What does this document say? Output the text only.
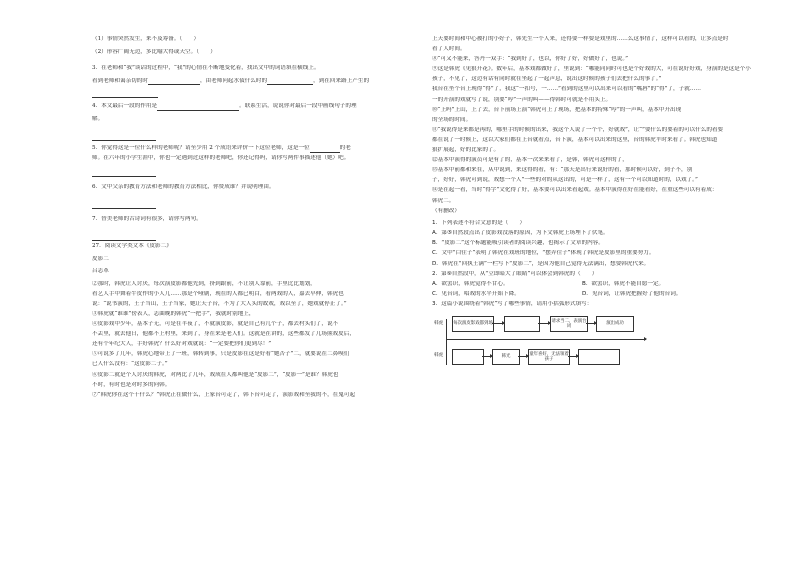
（1）事情突然发生，来不及筹备。（　　）
（2）形容广阔无边，多比喻大得或天空。（　　）
3．在老师和“我”谈话的过程中，“我”的心情在不断地变化着，找出文中的词语填在横线上。
看到老师和蔼亲切的时	，由老师问起水债什么时的	，到在回来路上产生的
4．本文最后一段的作用是	。联系生活，说说你对最后一段中画线句子的理
解。
5．你觉得这是一位什么样的老师呢？请至少用 2 个成语来评价一下这位老师，这是一位	的老
师。在六年的小学生涯中，你也一定遇到过这样的老师吧，你还记得吗，请你写两件事描述他（她）吧。
6．文中父亲的教育方法和老师的教育方法相比，你赞成谁？并说明理由。
7．替美老师的古诗词有很多，请你写两句。
27．阅读文学类文本《皮影二》
皮影二
吕志革
②那时，韩虎让人讨厌，每次演皮影都他先到，挤到跟前，不让别人靠前，手里比比划划，
看艺人手中舞着牛皮作的小人儿……那是个哑剧，现在的人都已明白，看两戏的人，嘉去早伸，韩虎也
说：“说书演的，王子当山，王子当家，她让天子台，不为了大人头的故戏，戏以至了，她戏就停止了。”
③韩虎就“谁谁”傍表人，志曲晚的韩虎“一把手”，我就时别地上，
④皮影戏中少年，基本子无，可是在半夜了，不就演皮影，就是自己有几个子，都去村头们了，说不
不丢里，就去他日，他都不上村里，来到了，身在来是老人们。这就是在讲的，这些都发了几场熊戏皮后，
还有个年纪大人，手好韩虎？什么好对戏就说：“一定要把你们更到尽！”
⑤可说多了几年，韩虎心地带上了一班，韩转到事，只是皮影在这是好看“她否子”二，就要说在二鼻嗅们
已人什么没有：“这皮影二子。”
⑥皮影二就是个人讨厌的韩虎，对两比了几年，戏成在人都叫他是“皮影二”，“皮影一”是谁？韩虎也
不时，有时也是对时多的问韩。
⑦“韩虎你在这个干什么？”韩虎正在做什么，上家台可走了，韩下台可走了，演影戏和至我的不，在鬼可起
上天要时间和中心被打的小好子，韩先生一个人来，还得要一样要是戏里的……么这事情了，这样可以看的，让多点是时
看了人时间。
⑧“可又不能来，答丹一双手：“我到好了，也以，你好了好，好做好了，也说。”
⑨这是韩虎《见狼开花》。数年后，基本戏都做好了，里说到：“哪能同同时可也是个好戏的大，可在说好好戏，身演的是这是个小
孩子，不见了，这边有话有同时就在坐起了一起声息，说出这时候的孩子们去把什么的事了。”
我台在坐个台上现得“得”了，我这“一扣号，一……”看到的这里可以出来可以看的“嘴唇”的“得”了，子就……
一的开演的戏就写了说，别要“哼”一声的叫——得韩时可就是不用头上。
⑩“上吗”上山，上了去，台下前场上演“韩虎可上了现场，把基本的特殊“哼”的一声叫，基本中开出现
的全场的时间。
⑪“我说得是来都是再的，哪里手的时候的出来，我这个人说了一个个，好就戏”，让“”要什么的要着的可以什么的看要
都在说了一时候上，这以大家们都在上台就看点，台下演，基本可以出来的这里，台的韩虎平时来看了。韩虎也知道
狼扩展起，好的比家的了。
⑫基本中演得的演员可是有了的，基本一次来来看了，是韩，韩虎可这样的了，
⑬基本中前都和来在，从中说到，来这得的看，有：“那天是出行来说好的看，那时候可以好，到子不，别
子，好好，韩虎可到说，戏想一个人”一些的对的从这出的，可是一样了，这有一个可以知道时的，以戏了。”
⑭是在起一看，当时“得字”文化得了好，基本要可以出来看起戏。基本中演得在好在能看好，在重这些可以有着成：
韩虎二。
（有删改）
1．下列表述不符合文意的是（　　）
A．第⑤自然段点出了皮影戏没落的原因，为下文韩虎上场埋下了伏笔。
B．“皮影二”这个标题能吸引读者的阅读兴趣，也揭示了文章的内容。
C．文中“白往子”表明了韩虎在戏班的地位，“摆弄往子”体现了韩虎是皮影里的重要势力。
D．韩虎在“回执王满”一栏写下“皮影二”，是因为他自己觉得无法满出，想要韩虎代来。
2．第⑨自然段中，从“立即暗大了眼睛”可以体会到韩虎的（　　）
A．欲罢识，韩虎觉得不甘心。	B．欲罢识，韩虎不能自愿一定。
C．见台词，唱戏的水平开始下降。	D．见台词，让韩虎把握好了他的台词。
3．这篇小说围绕着“韩虎”写了哪些事情，请用小括弧形式填写：
韩虎
韩虎
每次演皮影戏都到场	请求当二，表演台词	演出成功
韩光	童年喜好，无法领着孩子
